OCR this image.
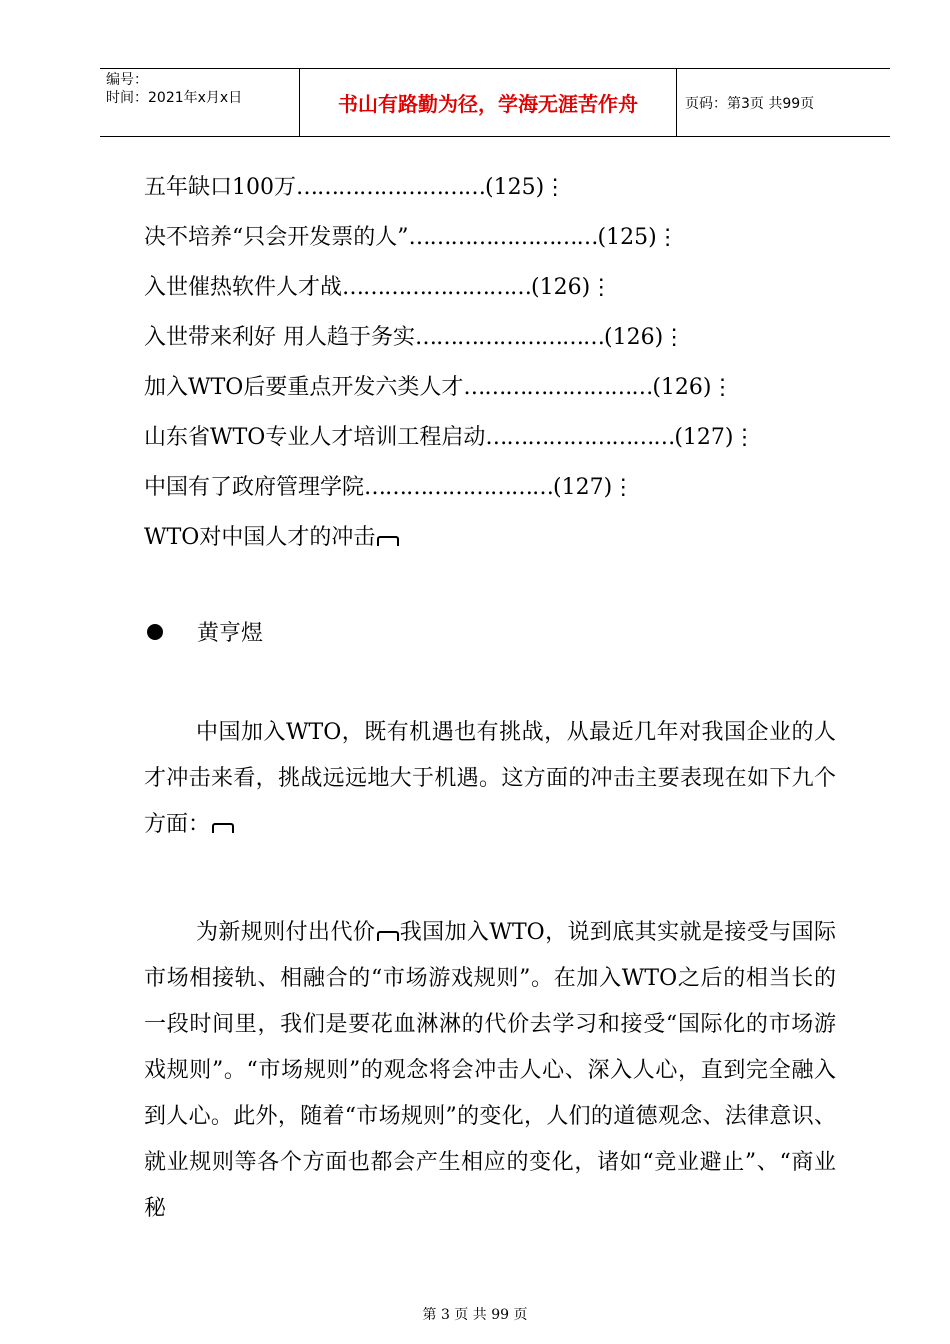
编号：
时间：2021年x月x日	书山有路勤为径，学海无涯苦作舟	页码：第3页 共99页
五年缺口100万………………………(125)⋮
决不培养“只会开发票的人”………………………(125)⋮
入世催热软件人才战………………………(126)⋮
入世带来利好 用人趋于务实………………………(126)⋮
加入WTO后要重点开发六类人才………………………(126)⋮
山东省WTO专业人才培训工程启动………………………(127)⋮
中国有了政府管理学院………………………(127)⋮
WTO对中国人才的冲击
黄亨煜
中国加入WTO，既有机遇也有挑战，从最近几年对我国企业的人才冲击来看，挑战远远地大于机遇。这方面的冲击主要表现在如下九个方面：
为新规则付出代价 我国加入WTO，说到底其实就是接受与国际市场相接轨、相融合的“市场游戏规则”。在加入WTO之后的相当长的一段时间里，我们是要花血淋淋的代价去学习和接受“国际化的市场游戏规则”。“市场规则”的观念将会冲击人心、深入人心，直到完全融入到人心。此外，随着“市场规则”的变化，人们的道德观念、法律意识、就业规则等各个方面也都会产生相应的变化，诸如“竞业避止”、“商业秘
第 3 页 共 99 页
